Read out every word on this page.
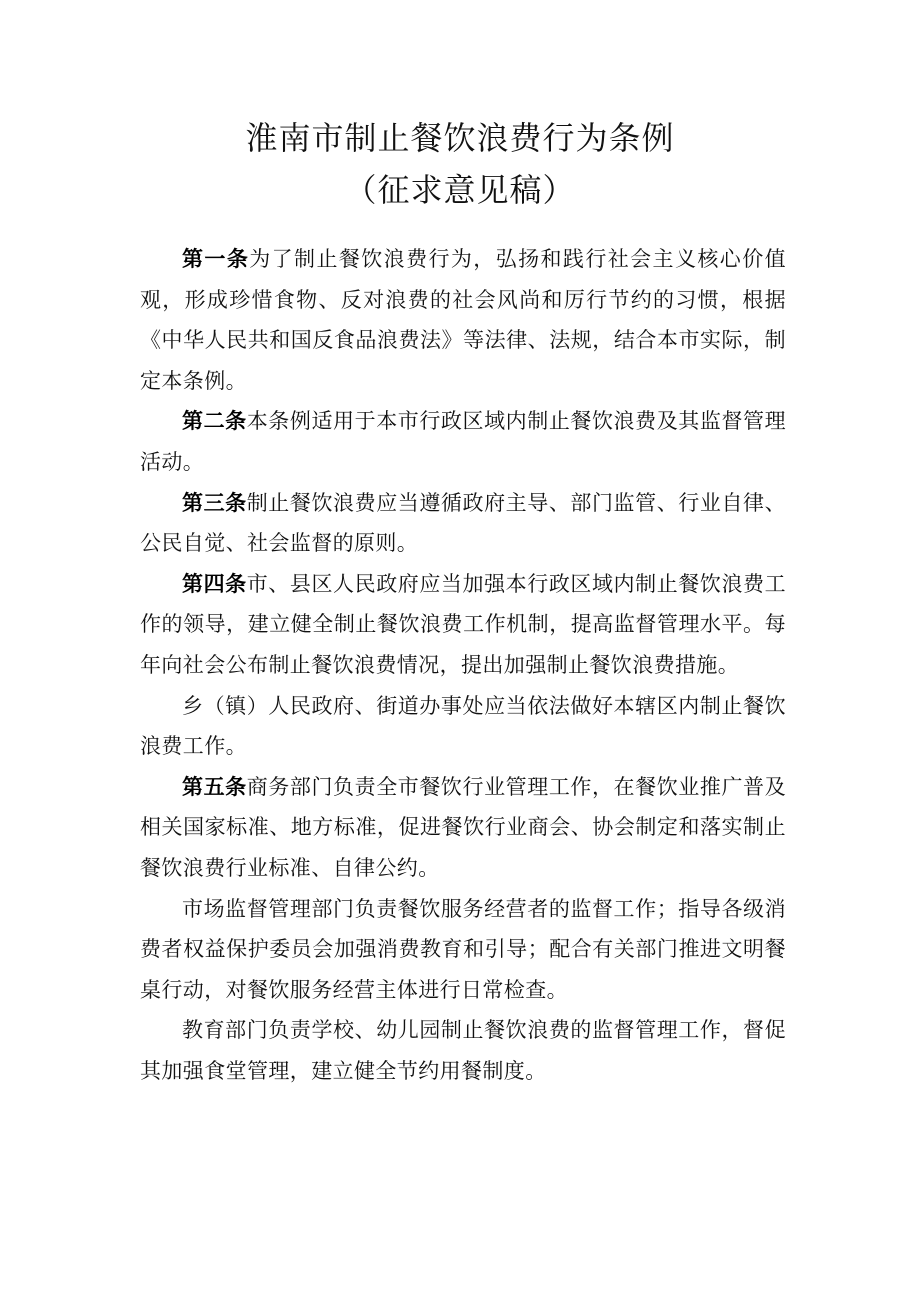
淮南市制止餐饮浪费行为条例
（征求意见稿）

第一条为了制止餐饮浪费行为，弘扬和践行社会主义核心价值观，形成珍惜食物、反对浪费的社会风尚和厉行节约的习惯，根据《中华人民共和国反食品浪费法》等法律、法规，结合本市实际，制定本条例。

第二条本条例适用于本市行政区域内制止餐饮浪费及其监督管理活动。

第三条制止餐饮浪费应当遵循政府主导、部门监管、行业自律、公民自觉、社会监督的原则。

第四条市、县区人民政府应当加强本行政区域内制止餐饮浪费工作的领导，建立健全制止餐饮浪费工作机制，提高监督管理水平。每年向社会公布制止餐饮浪费情况，提出加强制止餐饮浪费措施。

乡（镇）人民政府、街道办事处应当依法做好本辖区内制止餐饮浪费工作。

第五条商务部门负责全市餐饮行业管理工作，在餐饮业推广普及相关国家标准、地方标准，促进餐饮行业商会、协会制定和落实制止餐饮浪费行业标准、自律公约。

市场监督管理部门负责餐饮服务经营者的监督工作；指导各级消费者权益保护委员会加强消费教育和引导；配合有关部门推进文明餐桌行动，对餐饮服务经营主体进行日常检查。

教育部门负责学校、幼儿园制止餐饮浪费的监督管理工作，督促其加强食堂管理，建立健全节约用餐制度。
